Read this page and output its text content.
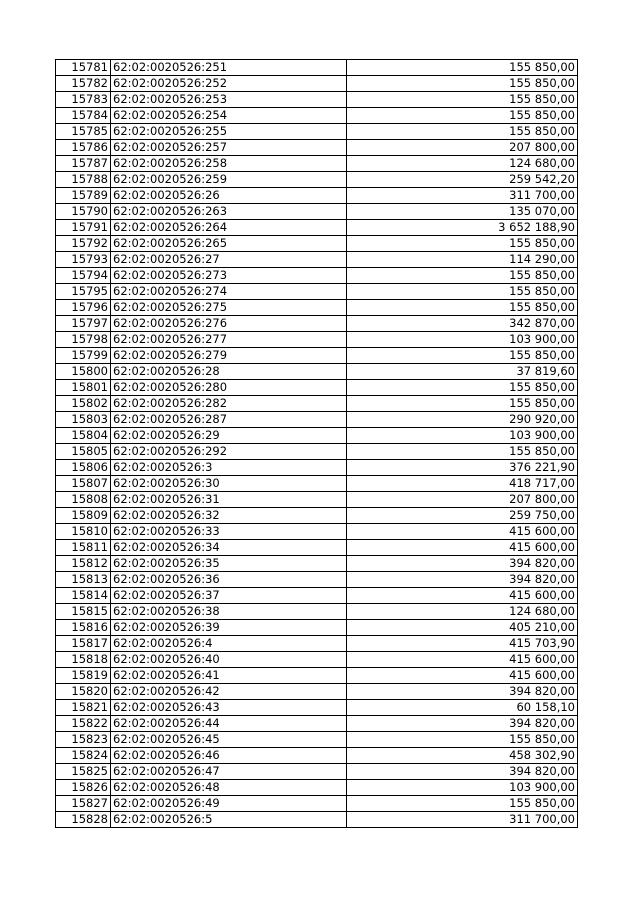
15781	62:02:0020526:251	155 850,00
15782	62:02:0020526:252	155 850,00
15783	62:02:0020526:253	155 850,00
15784	62:02:0020526:254	155 850,00
15785	62:02:0020526:255	155 850,00
15786	62:02:0020526:257	207 800,00
15787	62:02:0020526:258	124 680,00
15788	62:02:0020526:259	259 542,20
15789	62:02:0020526:26	311 700,00
15790	62:02:0020526:263	135 070,00
15791	62:02:0020526:264	3 652 188,90
15792	62:02:0020526:265	155 850,00
15793	62:02:0020526:27	114 290,00
15794	62:02:0020526:273	155 850,00
15795	62:02:0020526:274	155 850,00
15796	62:02:0020526:275	155 850,00
15797	62:02:0020526:276	342 870,00
15798	62:02:0020526:277	103 900,00
15799	62:02:0020526:279	155 850,00
15800	62:02:0020526:28	37 819,60
15801	62:02:0020526:280	155 850,00
15802	62:02:0020526:282	155 850,00
15803	62:02:0020526:287	290 920,00
15804	62:02:0020526:29	103 900,00
15805	62:02:0020526:292	155 850,00
15806	62:02:0020526:3	376 221,90
15807	62:02:0020526:30	418 717,00
15808	62:02:0020526:31	207 800,00
15809	62:02:0020526:32	259 750,00
15810	62:02:0020526:33	415 600,00
15811	62:02:0020526:34	415 600,00
15812	62:02:0020526:35	394 820,00
15813	62:02:0020526:36	394 820,00
15814	62:02:0020526:37	415 600,00
15815	62:02:0020526:38	124 680,00
15816	62:02:0020526:39	405 210,00
15817	62:02:0020526:4	415 703,90
15818	62:02:0020526:40	415 600,00
15819	62:02:0020526:41	415 600,00
15820	62:02:0020526:42	394 820,00
15821	62:02:0020526:43	60 158,10
15822	62:02:0020526:44	394 820,00
15823	62:02:0020526:45	155 850,00
15824	62:02:0020526:46	458 302,90
15825	62:02:0020526:47	394 820,00
15826	62:02:0020526:48	103 900,00
15827	62:02:0020526:49	155 850,00
15828	62:02:0020526:5	311 700,00
